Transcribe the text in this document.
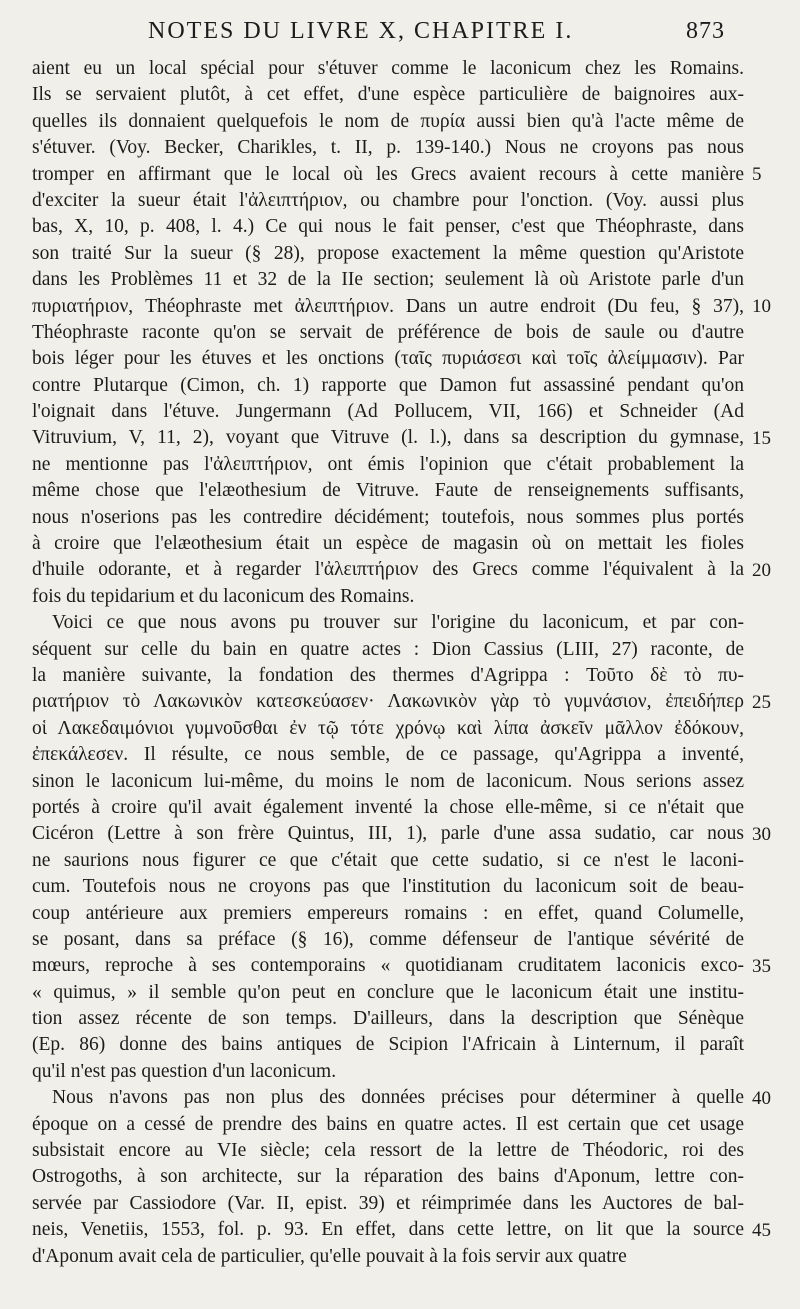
NOTES DU LIVRE X, CHAPITRE I.	873
aient eu un local spécial pour s'étuver comme le laconicum chez les Romains.
Ils se servaient plutôt, à cet effet, d'une espèce particulière de baignoires aux-
quelles ils donnaient quelquefois le nom de πυρία aussi bien qu'à l'acte même de
s'étuver. (Voy. Becker, Charikles, t. II, p. 139-140.) Nous ne croyons pas nous
tromper en affirmant que le local où les Grecs avaient recours à cette manière
d'exciter la sueur était l'ἀλειπτήριον, ou chambre pour l'onction. (Voy. aussi plus
bas, X, 10, p. 408, l. 4.) Ce qui nous le fait penser, c'est que Théophraste, dans
son traité Sur la sueur (§ 28), propose exactement la même question qu'Aristote
dans les Problèmes 11 et 32 de la IIe section; seulement là où Aristote parle d'un
πυριατήριον, Théophraste met ἀλειπτήριον. Dans un autre endroit (Du feu, § 37),
Théophraste raconte qu'on se servait de préférence de bois de saule ou d'autre
bois léger pour les étuves et les onctions (ταῖς πυριάσεσι καὶ τοῖς ἀλείμμασιν). Par
contre Plutarque (Cimon, ch. 1) rapporte que Damon fut assassiné pendant qu'on
l'oignait dans l'étuve. Jungermann (Ad Pollucem, VII, 166) et Schneider (Ad
Vitruvium, V, 11, 2), voyant que Vitruve (l. l.), dans sa description du gymnase,
ne mentionne pas l'ἀλειπτήριον, ont émis l'opinion que c'était probablement la
même chose que l'elæothesium de Vitruve. Faute de renseignements suffisants,
nous n'oserions pas les contredire décidément; toutefois, nous sommes plus portés
à croire que l'elæothesium était un espèce de magasin où on mettait les fioles
d'huile odorante, et à regarder l'ἀλειπτήριον des Grecs comme l'équivalent à la
fois du tepidarium et du laconicum des Romains.
Voici ce que nous avons pu trouver sur l'origine du laconicum, et par con-
séquent sur celle du bain en quatre actes : Dion Cassius (LIII, 27) raconte, de
la manière suivante, la fondation des thermes d'Agrippa : Τοῦτο δὲ τὸ πυ-
ριατήριον τὸ Λακωνικὸν κατεσκεύασεν· Λακωνικὸν γὰρ τὸ γυμνάσιον, ἐπειδήπερ
οἱ Λακεδαιμόνιοι γυμνοῦσθαι ἐν τῷ τότε χρόνῳ καὶ λίπα ἀσκεῖν μᾶλλον ἐδόκουν,
ἐπεκάλεσεν. Il résulte, ce nous semble, de ce passage, qu'Agrippa a inventé,
sinon le laconicum lui-même, du moins le nom de laconicum. Nous serions assez
portés à croire qu'il avait également inventé la chose elle-même, si ce n'était que
Cicéron (Lettre à son frère Quintus, III, 1), parle d'une assa sudatio, car nous
ne saurions nous figurer ce que c'était que cette sudatio, si ce n'est le laconi-
cum. Toutefois nous ne croyons pas que l'institution du laconicum soit de beau-
coup antérieure aux premiers empereurs romains : en effet, quand Columelle,
se posant, dans sa préface (§ 16), comme défenseur de l'antique sévérité de
mœurs, reproche à ses contemporains « quotidianam cruditatem laconicis exco-
« quimus, » il semble qu'on peut en conclure que le laconicum était une institu-
tion assez récente de son temps. D'ailleurs, dans la description que Sénèque
(Ep. 86) donne des bains antiques de Scipion l'Africain à Linternum, il paraît
qu'il n'est pas question d'un laconicum.
Nous n'avons pas non plus des données précises pour déterminer à quelle
époque on a cessé de prendre des bains en quatre actes. Il est certain que cet usage
subsistait encore au VIe siècle; cela ressort de la lettre de Théodoric, roi des
Ostrogoths, à son architecte, sur la réparation des bains d'Aponum, lettre con-
servée par Cassiodore (Var. II, epist. 39) et réimprimée dans les Auctores de bal-
neis, Venetiis, 1553, fol. p. 93. En effet, dans cette lettre, on lit que la source
d'Aponum avait cela de particulier, qu'elle pouvait à la fois servir aux quatre
5
10
15
20
25
30
35
40
45
